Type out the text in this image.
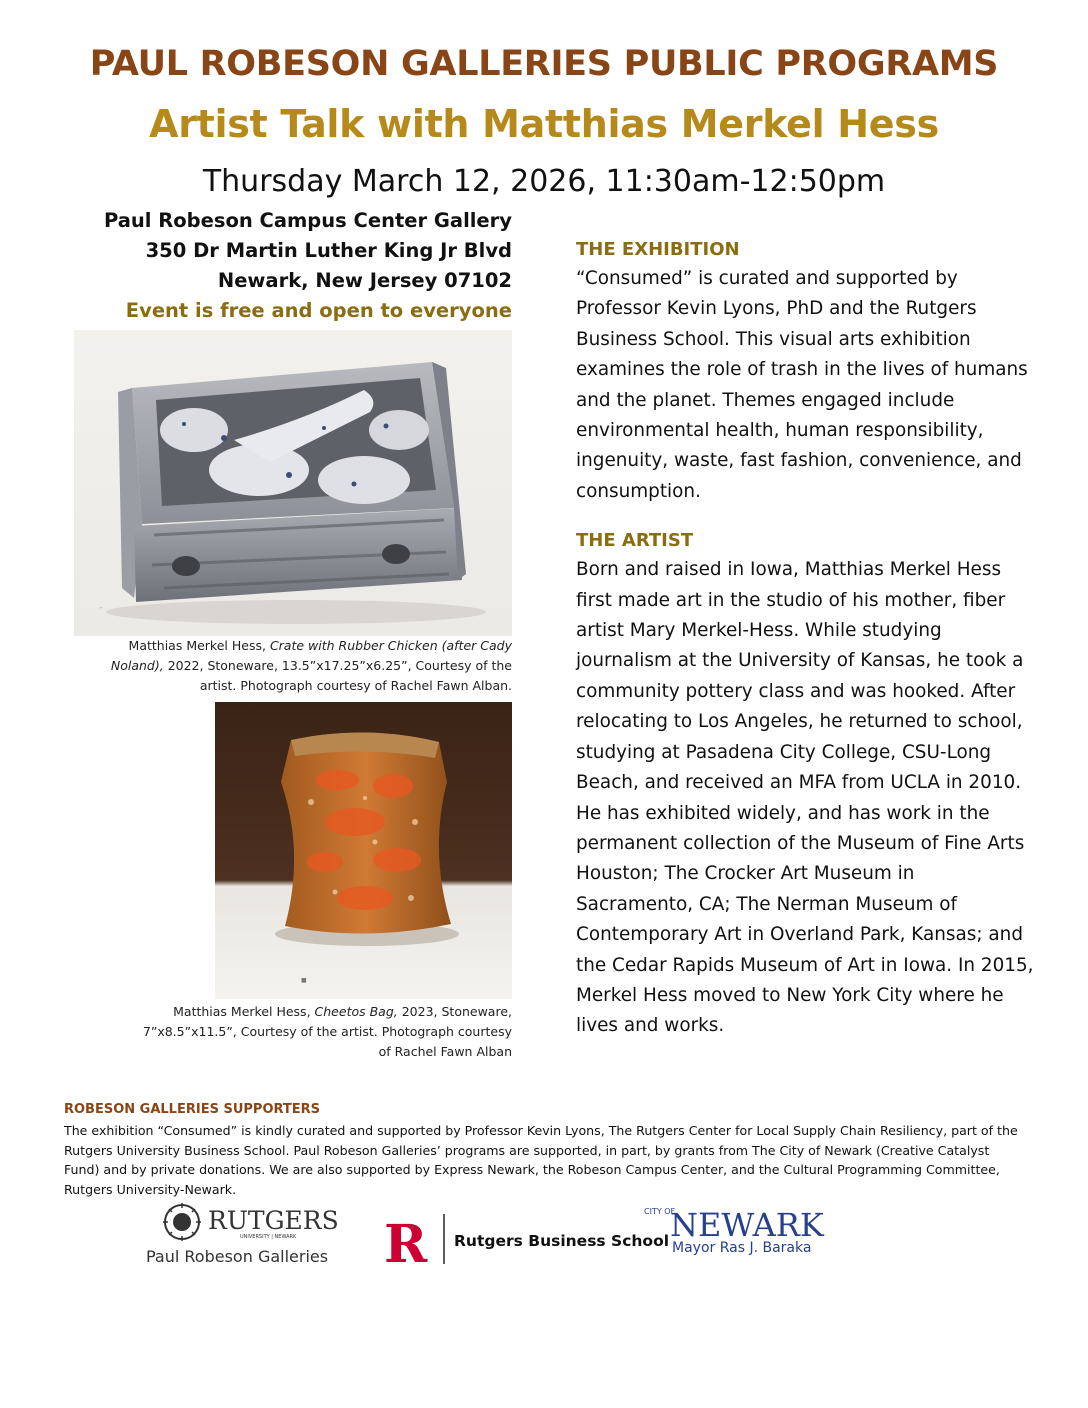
PAUL ROBESON GALLERIES PUBLIC PROGRAMS
Artist Talk with Matthias Merkel Hess
Thursday March 12, 2026, 11:30am-12:50pm
Paul Robeson Campus Center Gallery
350 Dr Martin Luther King Jr Blvd
Newark, New Jersey 07102
Event is free and open to everyone
,
Matthias Merkel Hess, Crate with Rubber Chicken (after Cady Noland), 2022, Stoneware, 13.5”x17.25”x6.25”, Courtesy of the artist. Photograph courtesy of Rachel Fawn Alban.
■
Matthias Merkel Hess, Cheetos Bag, 2023, Stoneware, 7”x8.5”x11.5”, Courtesy of the artist. Photograph courtesy of Rachel Fawn Alban
THE EXHIBITION
“Consumed” is curated and supported by Professor Kevin Lyons, PhD and the Rutgers Business School. This visual arts exhibition examines the role of trash in the lives of humans and the planet. Themes engaged include environmental health, human responsibility, ingenuity, waste, fast fashion, convenience, and consumption.
THE ARTIST
Born and raised in Iowa, Matthias Merkel Hess first made art in the studio of his mother, fiber artist Mary Merkel-Hess. While studying journalism at the University of Kansas, he took a community pottery class and was hooked. After relocating to Los Angeles, he returned to school, studying at Pasadena City College, CSU-Long Beach, and received an MFA from UCLA in 2010.
He has exhibited widely, and has work in the permanent collection of the Museum of Fine Arts Houston; The Crocker Art Museum in Sacramento, CA; The Nerman Museum of Contemporary Art in Overland Park, Kansas; and the Cedar Rapids Museum of Art in Iowa. In 2015, Merkel Hess moved to New York City where he lives and works.
ROBESON GALLERIES SUPPORTERS
The exhibition “Consumed” is kindly curated and supported by Professor Kevin Lyons, The Rutgers Center for Local Supply Chain Resiliency, part of the Rutgers University Business School. Paul Robeson Galleries’ programs are supported, in part, by grants from The City of Newark (Creative Catalyst Fund) and by private donations. We are also supported by Express Newark, the Robeson Campus Center, and the Cultural Programming Committee, Rutgers University-Newark.
RUTGERS
UNIVERSITY | NEWARK
Paul Robeson Galleries R Rutgers Business School
CITY OF
NEWARK
Mayor Ras J. Baraka
